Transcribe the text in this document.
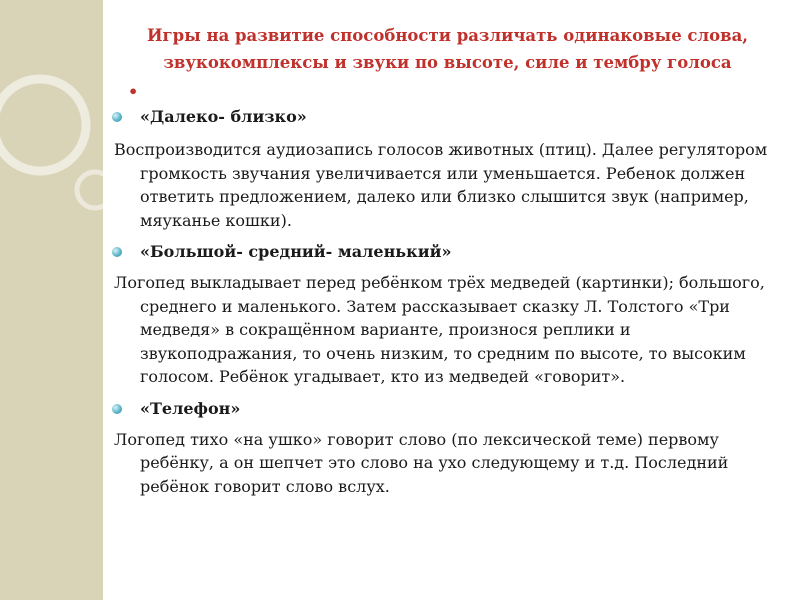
Игры на развитие способности различать одинаковые слова, звукокомплексы и звуки по высоте, силе и тембру голоса
•
«Далеко- близко»
Воспроизводится аудиозапись голосов животных (птиц). Далее регулятором громкость звучания увеличивается или уменьшается. Ребенок должен ответить предложением, далеко или близко слышится звук (например, мяуканье кошки).
«Большой- средний- маленький»
Логопед выкладывает перед ребёнком трёх медведей (картинки); большого, среднего и маленького. Затем рассказывает сказку Л. Толстого «Три медведя» в сокращённом варианте, произнося реплики и звукоподражания, то очень низким, то средним по высоте, то высоким голосом. Ребёнок угадывает, кто из медведей «говорит».
«Телефон»
Логопед тихо «на ушко» говорит слово (по лексической теме) первому ребёнку, а он шепчет это слово на ухо следующему и т.д. Последний ребёнок говорит слово вслух.
